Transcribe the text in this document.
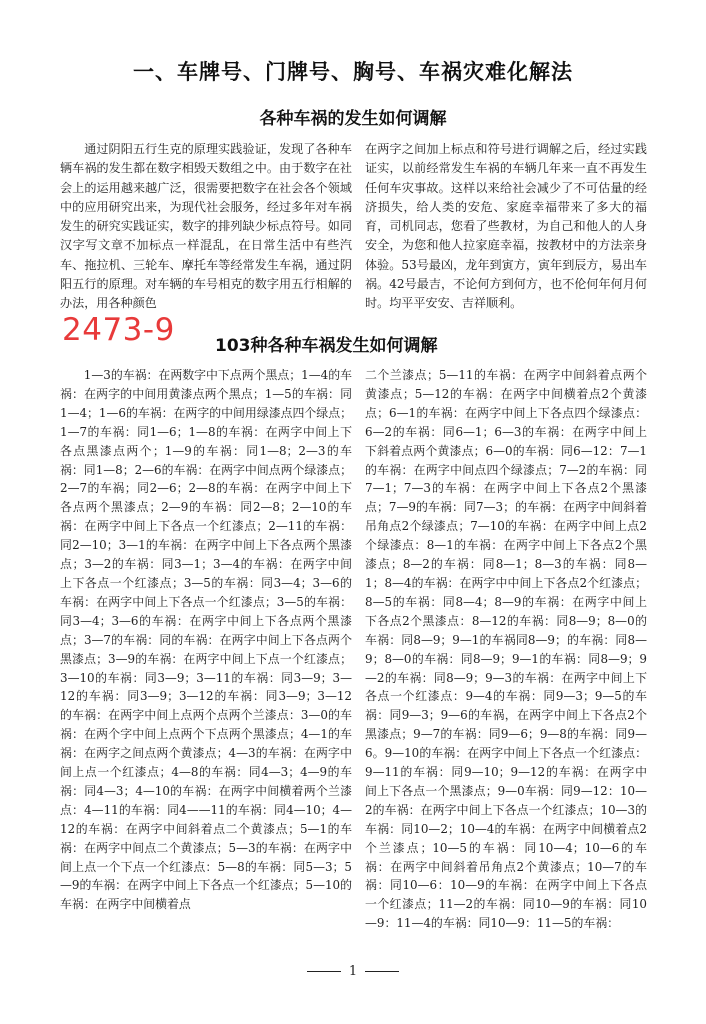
一、车牌号、门牌号、胸号、车祸灾难化解法
各种车祸的发生如何调解
通过阴阳五行生克的原理实践验证，发现了各种车辆车祸的发生都在数字相毁天数组之中。由于数字在社会上的运用越来越广泛，很需要把数字在社会各个领域中的应用研究出来，为现代社会服务，经过多年对车祸发生的研究实践证实，数字的排列缺少标点符号。如同汉字写文章不加标点一样混乱，在日常生活中有些汽车、拖拉机、三轮车、摩托车等经常发生车祸，通过阴阳五行的原理。对车辆的车号相克的数字用五行相解的办法，用各种颜色
在两字之间加上标点和符号进行调解之后，经过实践证实，以前经常发生车祸的车辆几年来一直不再发生任何车灾事故。这样以来给社会减少了不可估量的经济损失，给人类的安危、家庭幸福带来了多大的福育，司机同志，您看了些教材，为自己和他人的人身安全，为您和他人拉家庭幸福，按教材中的方法亲身体验。53号最凶，龙年到寅方，寅年到辰方，易出车祸。42号最吉，不论何方到何方，也不伦何年何月何时。均平平安安、吉祥顺利。
2473-9 103种各种车祸发生如何调解
1—3的车祸：在两数字中下点两个黑点；1—4的车祸：在两字的中间用黄漆点两个黑点；1—5的车祸：同1—4；1—6的车祸：在两字的中间用绿漆点四个绿点；1—7的车祸：同1—6；1—8的车祸：在两字中间上下各点黑漆点两个；1—9的车祸：同1—8；2—3的车祸：同1—8；2—6的车祸：在两字中间点两个绿漆点；2—7的车祸；同2—6；2—8的车祸：在两字中间上下各点两个黑漆点；2—9的车祸：同2—8；2—10的车祸：在两字中间上下各点一个红漆点；2—11的车祸：同2—10；3—1的车祸：在两字中间上下各点两个黑漆点；3—2的车祸：同3—1；3—4的车祸：在两字中间上下各点一个红漆点；3—5的车祸：同3—4；3—6的车祸：在两字中间上下各点一个红漆点；3—5的车祸：同3—4；3—6的车祸：在两字中间上下各点两个黑漆点；3—7的车祸：同的车祸：在两字中间上下各点两个黑漆点；3—9的车祸：在两字中间上下点一个红漆点；3—10的车祸：同3—9；3—11的车祸：同3—9；3—12的车祸：同3—9；3—12的车祸：同3—9；3—12的车祸：在两字中间上点两个点两个兰漆点：3—0的车祸：在两个字中间上点两个下点两个黑漆点；4—1的车祸：在两字之间点两个黄漆点；4—3的车祸：在两字中间上点一个红漆点；4—8的车祸：同4—3；4—9的车祸：同4—3；4—10的车祸：在两字中间横着两个兰漆点：4—11的车祸：同4——11的车祸：同4—10；4—12的车祸：在两字中间斜着点二个黄漆点；5—1的车祸：在两字中间点二个黄漆点；5—3的车祸：在两字中间上点一个下点一个红漆点：5—8的车祸：同5—3；5—9的车祸：在两字中间上下各点一个红漆点；5—10的车祸：在两字中间横着点
二个兰漆点；5—11的车祸：在两字中间斜着点两个黄漆点；5—12的车祸：在两字中间横着点2个黄漆点；6—1的车祸：在两字中间上下各点四个绿漆点：6—2的车祸：同6—1；6—3的车祸：在两字中间上下斜着点两个黄漆点；6—0的车祸：同6—12：7—1的车祸：在两字中间点四个绿漆点；7—2的车祸：同7—1；7—3的车祸：在两字中间上下各点2个黑漆点；7—9的车祸：同7—3；的车祸：在两字中间斜着吊角点2个绿漆点；7—10的车祸：在两字中间上点2个绿漆点：8—1的车祸：在两字中间上下各点2个黑漆点；8—2的车祸：同8—1；8—3的车祸：同8—1；8—4的车祸：在两字中中间上下各点2个红漆点；8—5的车祸：同8—4；8—9的车祸：在两字中间上下各点2个黑漆点：8—12的车祸：同8—9；8—0的车祸：同8—9；9—1的车祸同8—9；的车祸：同8—9；8—0的车祸：同8—9；9—1的车祸：同8—9；9—2的车祸：同8—9；9—3的车祸：在两字中间上下各点一个红漆点：9—4的车祸：同9—3；9—5的车祸：同9—3；9—6的车祸，在两字中间上下各点2个黑漆点；9—7的车祸：同9—6；9—8的车祸：同9—6。9—10的车祸：在两字中间上下各点一个红漆点：9—11的车祸：同9—10；9—12的车祸：在两字中间上下各点一个黑漆点；9—0车祸：同9—12：10—2的车祸：在两字中间上下各点一个红漆点；10—3的车祸：同10—2；10—4的车祸：在两字中间横着点2个兰漆点；10—5的车祸：同10—4；10—6的车祸：在两字中间斜着吊角点2个黄漆点；10—7的车祸：同10—6：10—9的车祸：在两字中间上下各点一个红漆点；11—2的车祸：同10—9的车祸：同10—9：11—4的车祸：同10—9：11—5的车祸：
1
